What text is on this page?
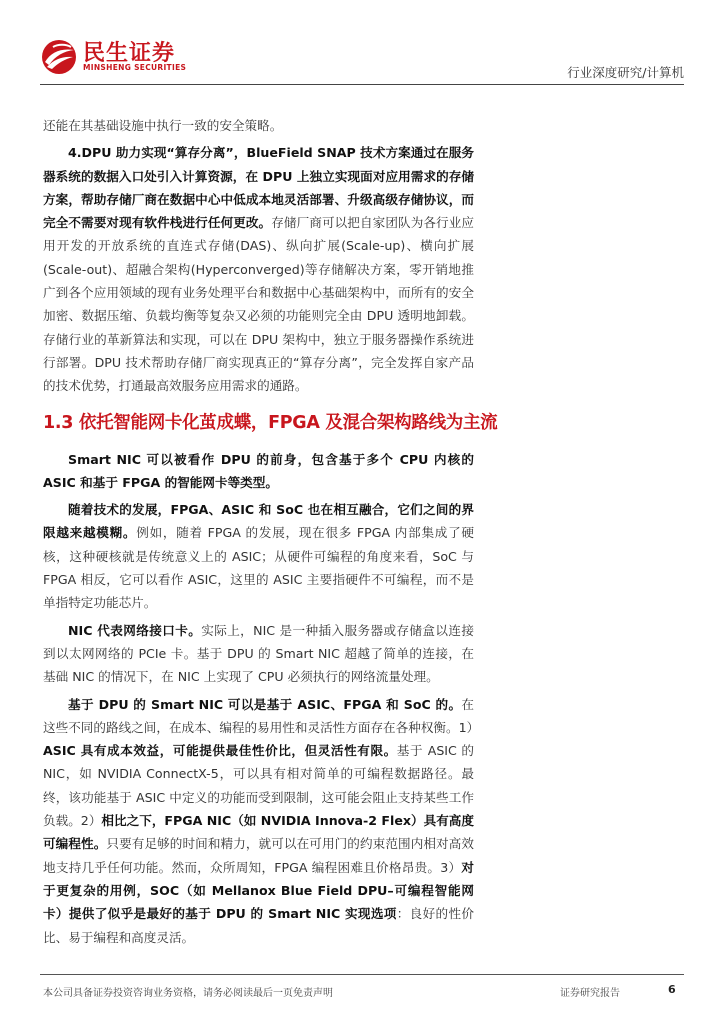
民生证券
MINSHENG SECURITIES	行业深度研究/计算机

还能在其基础设施中执行一致的安全策略。

4.DPU 助力实现“算存分离”，BlueField SNAP 技术方案通过在服务器系统的数据入口处引入计算资源，在 DPU 上独立实现面对应用需求的存储方案，帮助存储厂商在数据中心中低成本地灵活部署、升级高级存储协议，而完全不需要对现有软件栈进行任何更改。存储厂商可以把自家团队为各行业应用开发的开放系统的直连式存储(DAS)、纵向扩展(Scale-up)、横向扩展(Scale-out)、超融合架构(Hyperconverged)等存储解决方案，零开销地推广到各个应用领域的现有业务处理平台和数据中心基础架构中，而所有的安全加密、数据压缩、负载均衡等复杂又必须的功能则完全由 DPU 透明地卸载。存储行业的革新算法和实现，可以在 DPU 架构中，独立于服务器操作系统进行部署。DPU 技术帮助存储厂商实现真正的“算存分离”，完全发挥自家产品的技术优势，打通最高效服务应用需求的通路。

1.3 依托智能网卡化茧成蝶，FPGA 及混合架构路线为主流

Smart NIC 可以被看作 DPU 的前身，包含基于多个 CPU 内核的 ASIC 和基于 FPGA 的智能网卡等类型。

随着技术的发展，FPGA、ASIC 和 SoC 也在相互融合，它们之间的界限越来越模糊。例如，随着 FPGA 的发展，现在很多 FPGA 内部集成了硬核，这种硬核就是传统意义上的 ASIC；从硬件可编程的角度来看，SoC 与 FPGA 相反，它可以看作 ASIC，这里的 ASIC 主要指硬件不可编程，而不是单指特定功能芯片。

NIC 代表网络接口卡。实际上，NIC 是一种插入服务器或存储盒以连接到以太网网络的 PCIe 卡。基于 DPU 的 Smart NIC 超越了简单的连接，在基础 NIC 的情况下，在 NIC 上实现了 CPU 必须执行的网络流量处理。

基于 DPU 的 Smart NIC 可以是基于 ASIC、FPGA 和 SoC 的。在这些不同的路线之间，在成本、编程的易用性和灵活性方面存在各种权衡。1）ASIC 具有成本效益，可能提供最佳性价比，但灵活性有限。基于 ASIC 的 NIC，如 NVIDIA ConnectX-5，可以具有相对简单的可编程数据路径。最终，该功能基于 ASIC 中定义的功能而受到限制，这可能会阻止支持某些工作负载。2）相比之下，FPGA NIC（如 NVIDIA Innova-2 Flex）具有高度可编程性。只要有足够的时间和精力，就可以在可用门的约束范围内相对高效地支持几乎任何功能。然而，众所周知，FPGA 编程困难且价格昂贵。3）对于更复杂的用例，SOC（如 Mellanox Blue Field DPU–可编程智能网卡）提供了似乎是最好的基于 DPU 的 Smart NIC 实现选项：良好的性价比、易于编程和高度灵活。

本公司具备证券投资咨询业务资格，请务必阅读最后一页免责声明	证券研究报告	6
